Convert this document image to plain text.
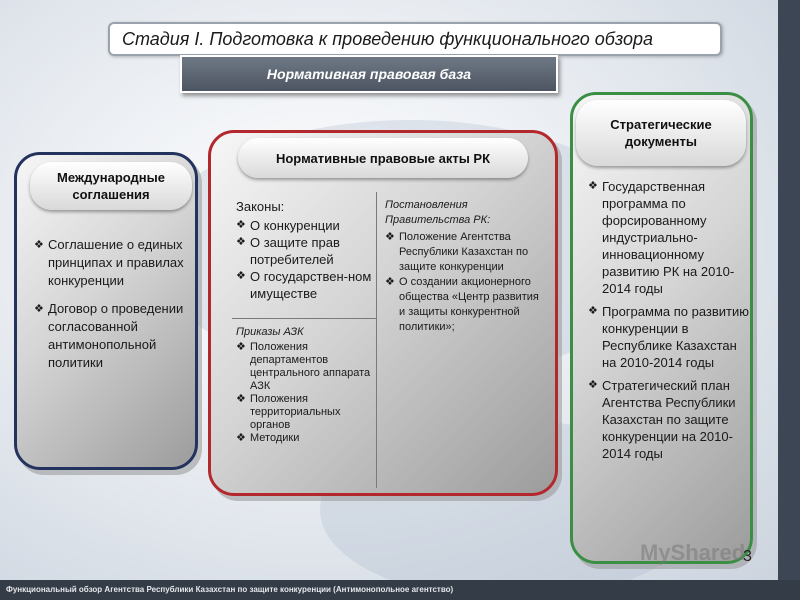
Стадия I. Подготовка к проведению функционального обзора
Нормативная правовая база
Международные соглашения
❖ Соглашение о единых принципах и правилах конкуренции
❖ Договор о проведении согласованной антимонопольной политики
Нормативные правовые акты РК
Законы:
❖ О конкуренции
❖ О защите прав потребителей
❖ О государствен-ном имуществе
Приказы АЗК
❖ Положения департаментов центрального аппарата АЗК
❖ Положения территориальных органов
❖ Методики
Постановления Правительства РК:
❖ Положение Агентства Республики Казахстан по защите конкуренции
❖ О создании акционерного общества «Центр развития и защиты конкурентной политики»;
Стратегические документы
❖ Государственная программа по форсированному индустриально-инновационному развитию РК на 2010-2014 годы
❖ Программа по развитию конкуренции в Республике Казахстан на 2010-2014 годы
❖ Стратегический план Агентства Республики Казахстан по защите конкуренции на 2010-2014 годы
MyShared
3
Функциональный обзор Агентства Республики Казахстан по защите конкуренции (Антимонопольное агентство)
